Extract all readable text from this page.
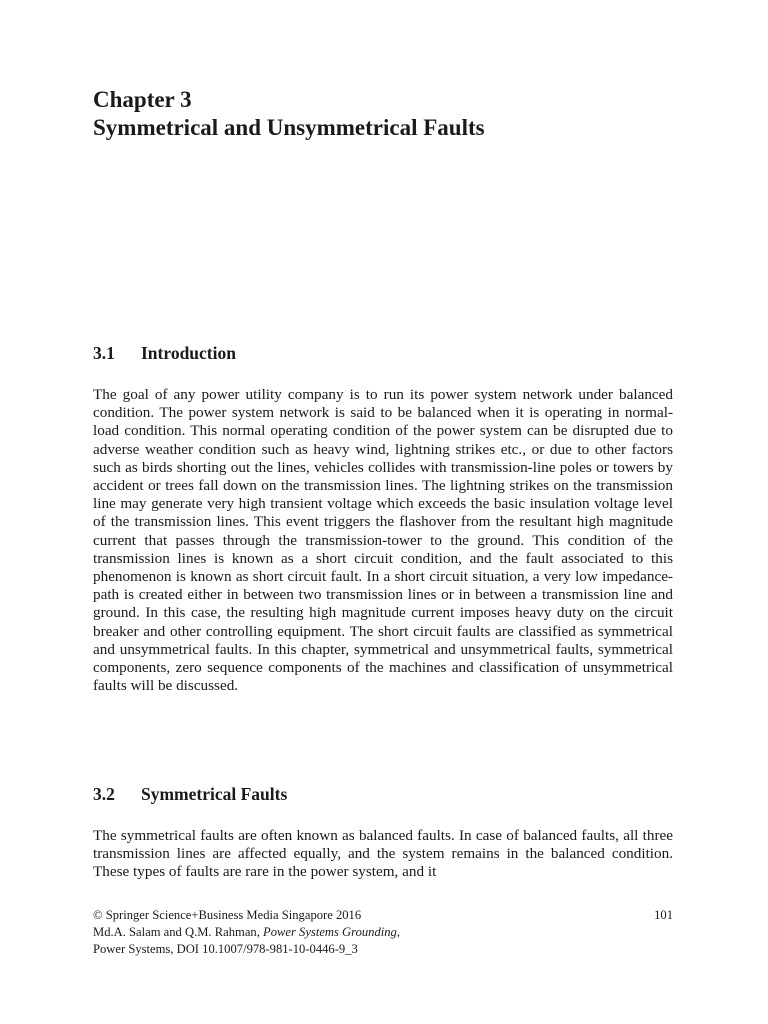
Chapter 3
Symmetrical and Unsymmetrical Faults
3.1 Introduction

The goal of any power utility company is to run its power system network under balanced condition. The power system network is said to be balanced when it is operating in normal-load condition. This normal operating condition of the power system can be disrupted due to adverse weather condition such as heavy wind, lightning strikes etc., or due to other factors such as birds shorting out the lines, vehicles collides with transmission-line poles or towers by accident or trees fall down on the transmission lines. The lightning strikes on the transmission line may generate very high transient voltage which exceeds the basic insulation voltage level of the transmission lines. This event triggers the flashover from the resultant high magnitude current that passes through the transmission-tower to the ground. This condition of the transmission lines is known as a short circuit condition, and the fault associated to this phenomenon is known as short circuit fault. In a short circuit situation, a very low impedance-path is created either in between two transmission lines or in between a transmission line and ground. In this case, the resulting high magnitude current imposes heavy duty on the circuit breaker and other controlling equipment. The short circuit faults are classified as symmetrical and unsymmetrical faults. In this chapter, symmetrical and unsymmetrical faults, symmetrical components, zero sequence components of the machines and classification of unsymmetrical faults will be discussed.

3.2 Symmetrical Faults

The symmetrical faults are often known as balanced faults. In case of balanced faults, all three transmission lines are affected equally, and the system remains in the balanced condition. These types of faults are rare in the power system, and it

© Springer Science+Business Media Singapore 2016
Md.A. Salam and Q.M. Rahman, Power Systems Grounding,
Power Systems, DOI 10.1007/978-981-10-0446-9_3
101
